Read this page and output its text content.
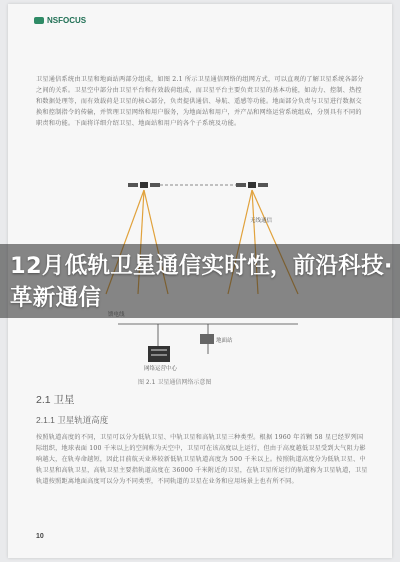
NSFOCUS
卫星通信系统由卫星和地面站两部分组成，如图 2.1 所示卫星通信网络的组网方式，可以直观的了解卫星系统各部分之间的关系。卫星空中部分由卫星平台和有效载荷组成，而卫星平台主要负责卫星的基本功能，如动力、控制、热控和数据处理等，而有效载荷是卫星的核心部分，负责提供通信、导航、遥感等功能。地面部分负责与卫星进行数据交换和控制指令的传输，并管理卫星网络和用户服务，为地面站和用户，并产品和网络运营系统组成，分别具有不同的职责和功能。下面将详细介绍卫星、地面站和用户的各个子系统及功能。
无线通信
地面站
网络运营中心
图 2.1 卫星通信网络示意图
2.1 卫星
2.1.1 卫星轨道高度
按照轨道高度的不同，卫星可以分为低轨卫星、中轨卫星和高轨卫星三种类型。根据 1960 年首颗 58 星已经罗列国际组织，地球表面 100 千米以上的空间称为天空中，卫星可在该高度以上运行，但由于高度越低卫星受到大气阻力影响越大，在轨寿命越短，因此目前航天业界较新低轨卫星轨道高度为 500 千米以上。按照轨道高度分为低轨卫星、中轨卫星和高轨卫星，高轨卫星主要指轨道高度在 36000 千米附近的卫星，在轨卫星所运行的轨道称为卫星轨道，卫星轨道按照距离地面高度可以分为不同类型，不同轨道的卫星在业务和应用场景上也有所不同。
10
12月低轨卫星通信实时性，前沿科技·革新通信
